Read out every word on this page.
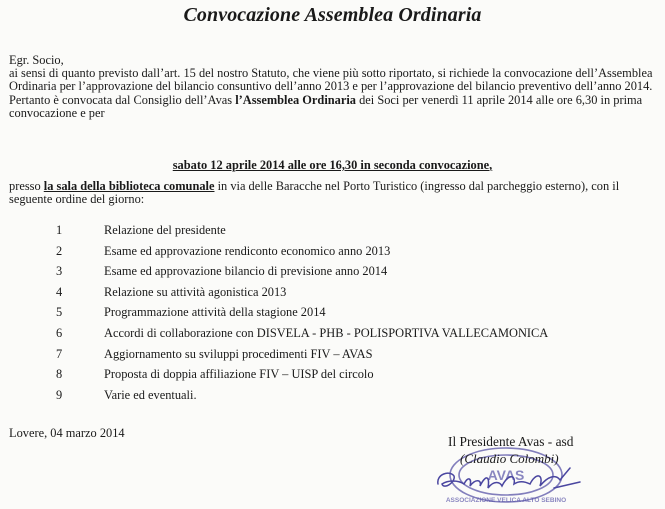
Convocazione Assemblea Ordinaria
Egr. Socio,
ai sensi di quanto previsto dall’art. 15 del nostro Statuto, che viene più sotto riportato, si richiede la convocazione dell’Assemblea Ordinaria per l’approvazione del bilancio consuntivo dell’anno 2013 e per l’approvazione del bilancio preventivo dell’anno 2014. Pertanto è convocata dal Consiglio dell’Avas l’Assemblea Ordinaria dei Soci per venerdì 11 aprile 2014 alle ore 6,30 in prima convocazione e per
sabato 12 aprile 2014 alle ore 16,30 in seconda convocazione,
presso la sala della biblioteca comunale in via delle Baracche nel Porto Turistico (ingresso dal parcheggio esterno), con il seguente ordine del giorno:
1	Relazione del presidente
2	Esame ed approvazione rendiconto economico anno 2013
3	Esame ed approvazione bilancio di previsione anno 2014
4	Relazione su attività agonistica 2013
5	Programmazione attività della stagione 2014
6	Accordi di collaborazione con DISVELA - PHB - POLISPORTIVA VALLECAMONICA
7	Aggiornamento su sviluppi procedimenti FIV – AVAS
8	Proposta di doppia affiliazione FIV – UISP del circolo
9	Varie ed eventuali.
Lovere, 04 marzo 2014
Il Presidente Avas - asd
AVAS
ASSOCIAZIONE VELICA ALTO SEBINO
(Claudio Colombi)
